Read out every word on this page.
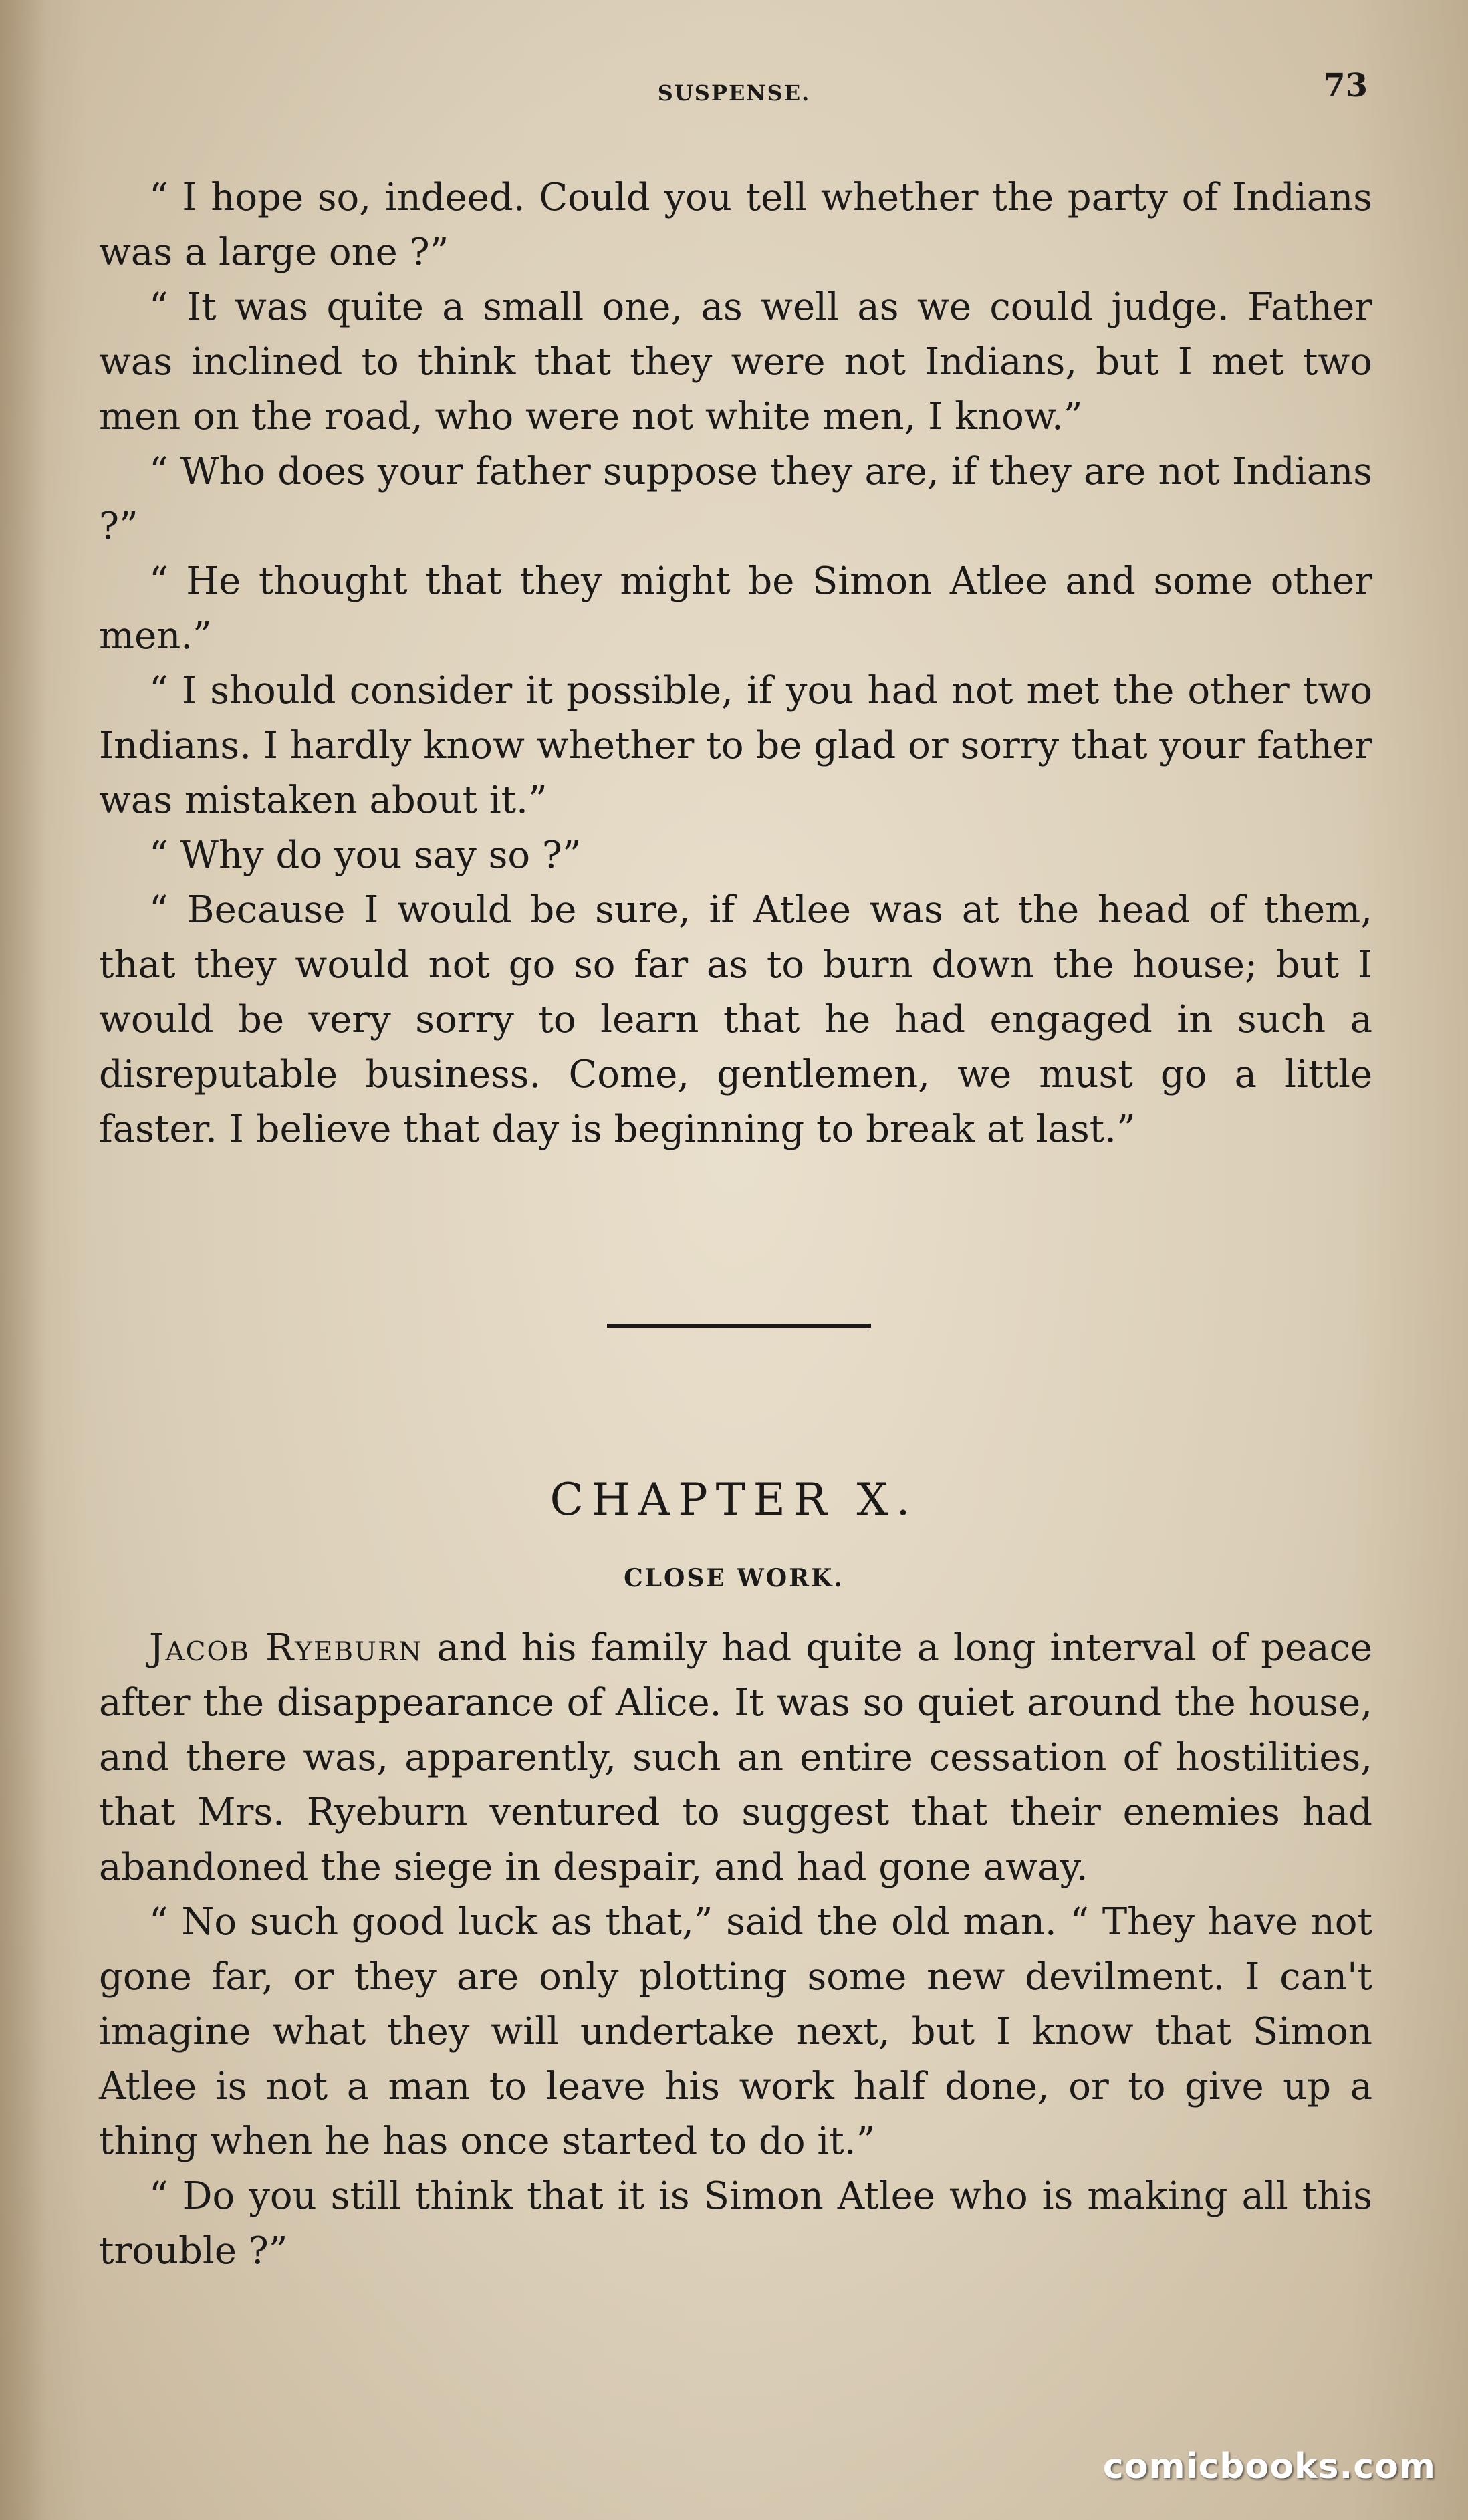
SUSPENSE.	73

“ I hope so, indeed. Could you tell whether the party of Indians was a large one ?”

“ It was quite a small one, as well as we could judge. Father was inclined to think that they were not Indians, but I met two men on the road, who were not white men, I know.”

“ Who does your father suppose they are, if they are not Indians ?”

“ He thought that they might be Simon Atlee and some other men.”

“ I should consider it possible, if you had not met the other two Indians. I hardly know whether to be glad or sorry that your father was mistaken about it.”

“ Why do you say so ?”

“ Because I would be sure, if Atlee was at the head of them, that they would not go so far as to burn down the house; but I would be very sorry to learn that he had engaged in such a disreputable business. Come, gentlemen, we must go a little faster. I believe that day is beginning to break at last.”

CHAPTER X.
CLOSE WORK.

Jacob Ryeburn and his family had quite a long interval of peace after the disappearance of Alice. It was so quiet around the house, and there was, apparently, such an entire cessation of hostilities, that Mrs. Ryeburn ventured to suggest that their enemies had abandoned the siege in despair, and had gone away.

“ No such good luck as that,” said the old man. “ They have not gone far, or they are only plotting some new devilment. I can't imagine what they will undertake next, but I know that Simon Atlee is not a man to leave his work half done, or to give up a thing when he has once started to do it.”

“ Do you still think that it is Simon Atlee who is making all this trouble ?”

comicbooks.com
